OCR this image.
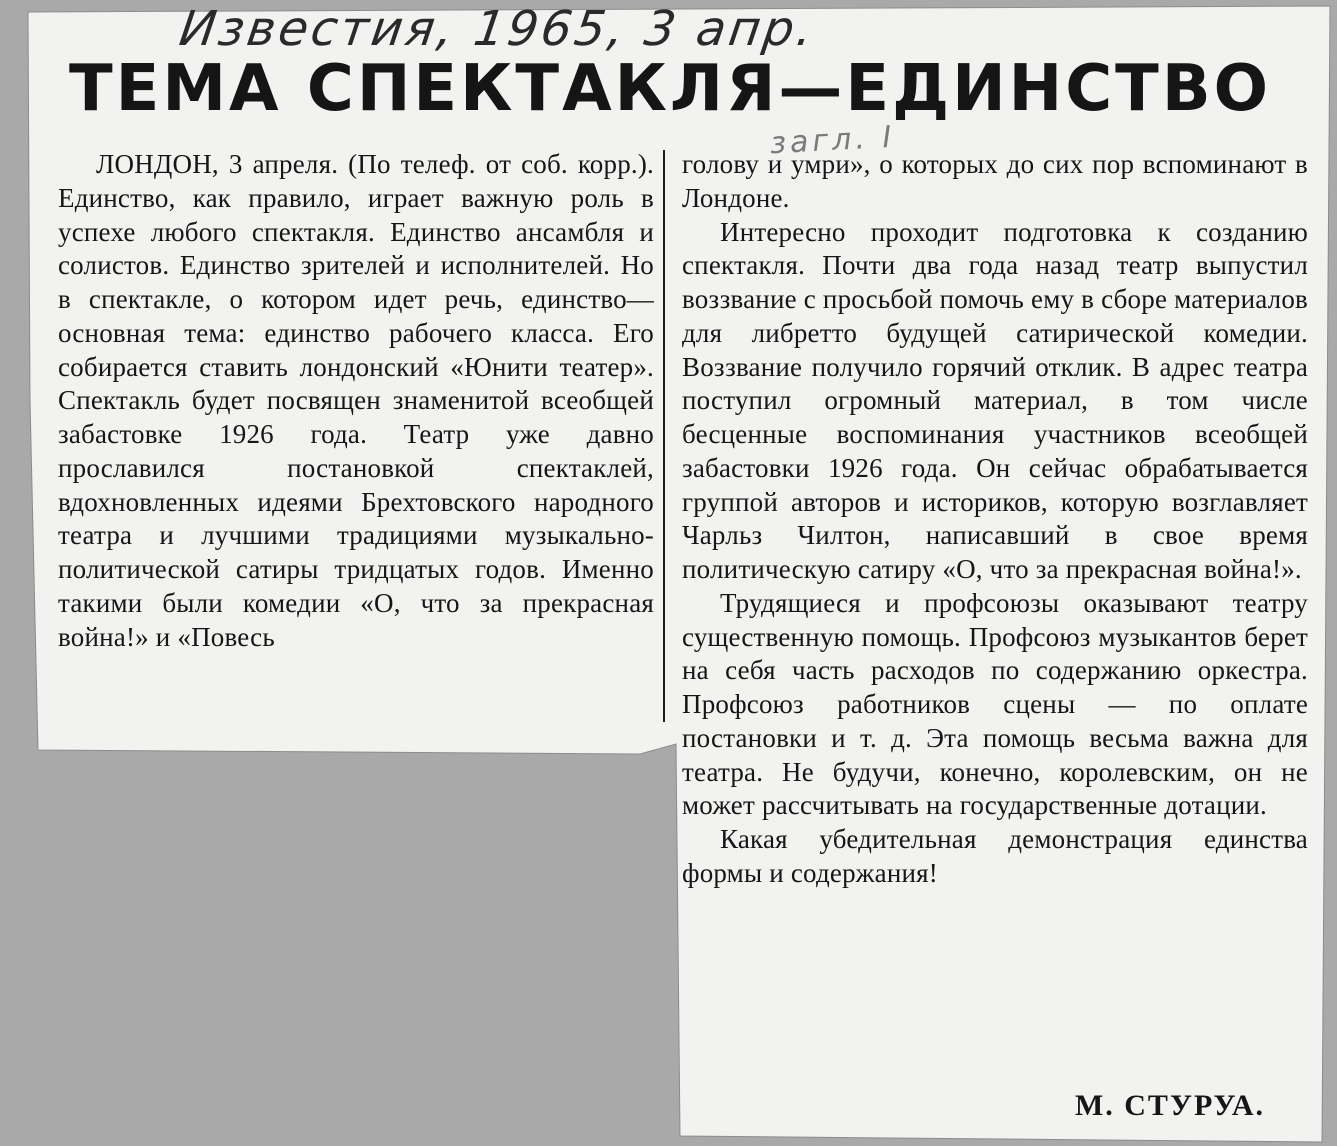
Известия, 1965, 3 апр.
ТЕМА СПЕКТАКЛЯ—ЕДИНСТВО
загл. I

ЛОНДОН, 3 апреля. (По телеф. от соб. корр.). Единство, как правило, играет важную роль в успехе любого спектакля. Единство ансамбля и солистов. Единство зрителей и исполнителей. Но в спектакле, о котором идет речь, единство—основная тема: единство рабочего класса. Его собирается ставить лондонский «Юнити театер». Спектакль будет посвящен знаменитой всеобщей забастовке 1926 года. Театр уже давно прославился постановкой спектаклей, вдохновленных идеями Брехтовского народного театра и лучшими традициями музыкально-политической сатиры тридцатых годов. Именно такими были комедии «О, что за прекрасная война!» и «Повесь

голову и умри», о которых до сих пор вспоминают в Лондоне.

Интересно проходит подготовка к созданию спектакля. Почти два года назад театр выпустил воззвание с просьбой помочь ему в сборе материалов для либретто будущей сатирической комедии. Воззвание получило горячий отклик. В адрес театра поступил огромный материал, в том числе бесценные воспоминания участников всеобщей забастовки 1926 года. Он сейчас обрабатывается группой авторов и историков, которую возглавляет Чарльз Чилтон, написавший в свое время политическую сатиру «О, что за прекрасная война!».

Трудящиеся и профсоюзы оказывают театру существенную помощь. Профсоюз музыкантов берет на себя часть расходов по содержанию оркестра. Профсоюз работников сцены — по оплате постановки и т. д. Эта помощь весьма важна для театра. Не будучи, конечно, королевским, он не может рассчитывать на государственные дотации.

Какая убедительная демонстрация единства формы и содержания!

М. СТУРУА.
